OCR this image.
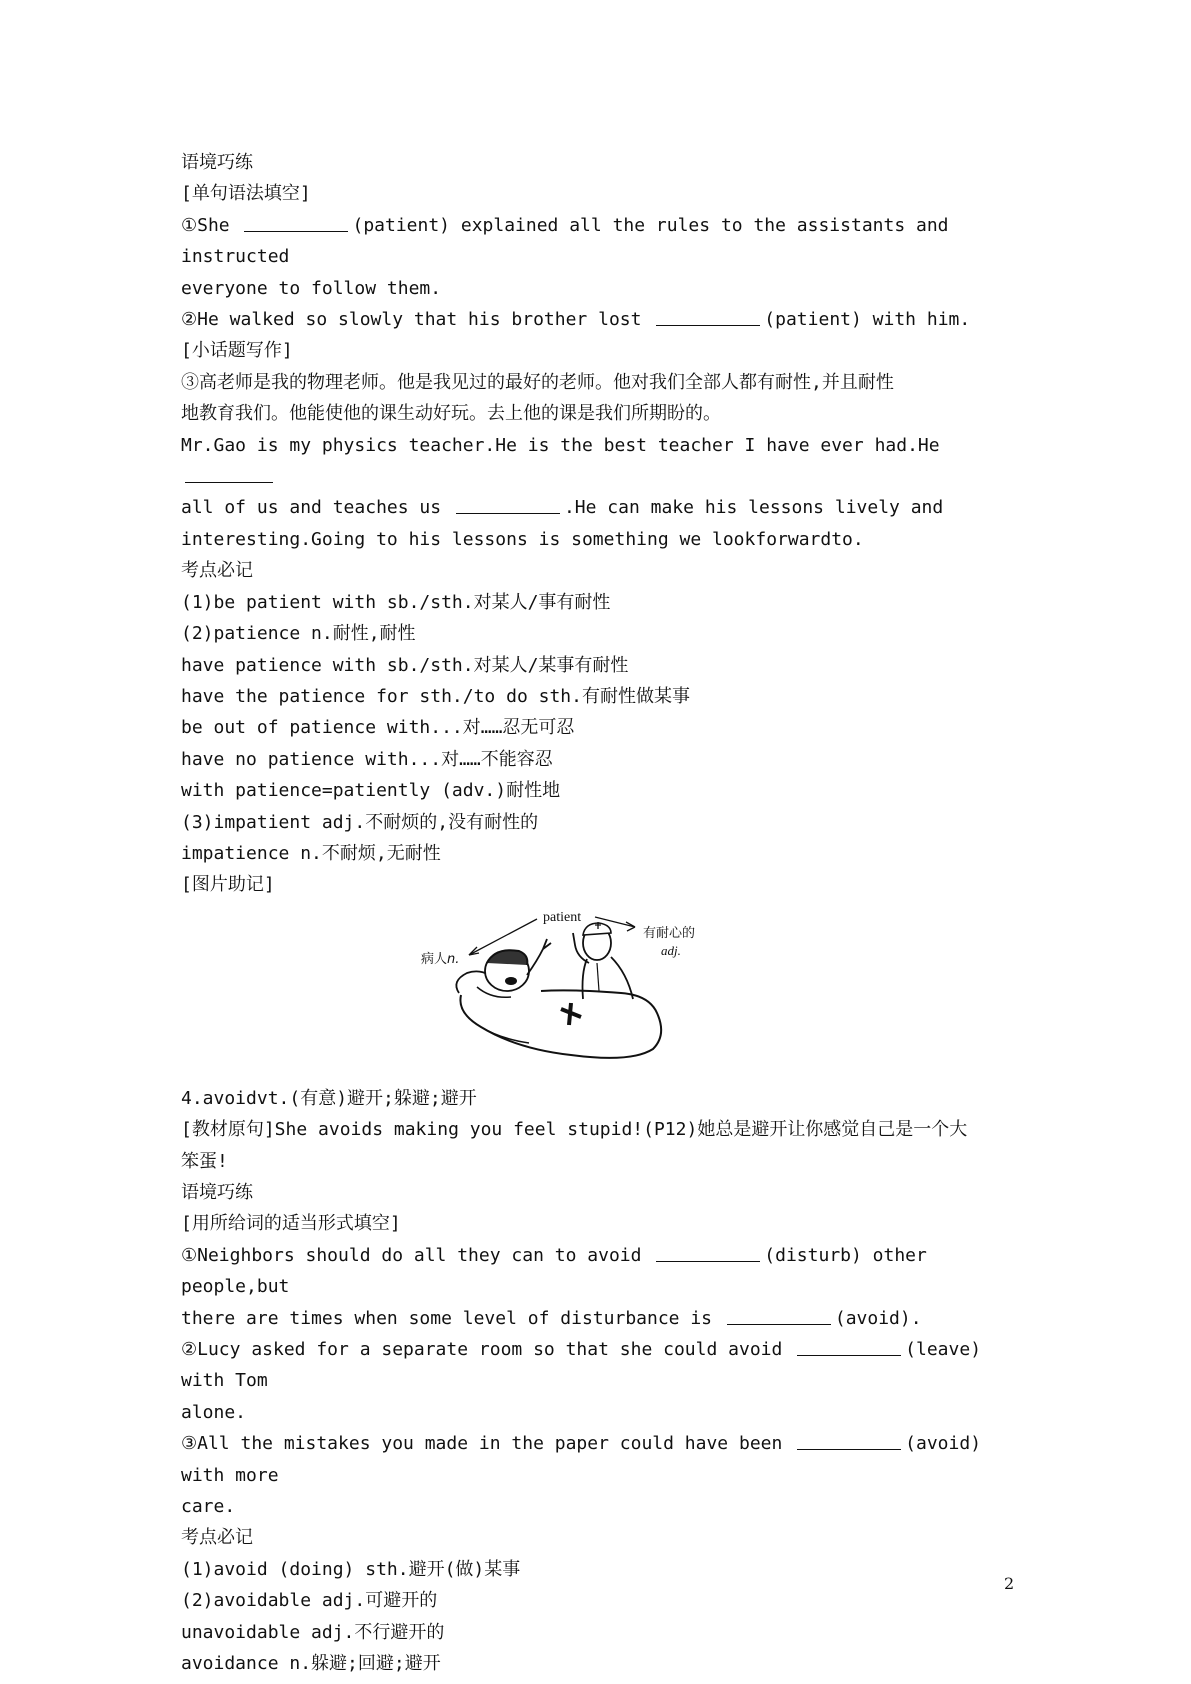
语境巧练
[单句语法填空]
①She	(patient) explained all the rules to the assistants and instructed
everyone to follow them.
②He walked so slowly that his brother lost	(patient) with him.
[小话题写作]
③高老师是我的物理老师。他是我见过的最好的老师。他对我们全部人都有耐性,并且耐性
地教育我们。他能使他的课生动好玩。去上他的课是我们所期盼的。
Mr.Gao is my physics teacher.He is the best teacher I have ever had.He
all of us and teaches us	.He can make his lessons lively and
interesting.Going to his lessons is something we lookforwardto.
考点必记
(1)be patient with sb./sth.对某人/事有耐性
(2)patience n.耐性,耐性
have patience with sb./sth.对某人/某事有耐性
have the patience for sth./to do sth.有耐性做某事
be out of patience with...对……忍无可忍
have no patience with...对……不能容忍
with patience=patiently (adv.)耐性地
(3)impatient adj.不耐烦的,没有耐性的
impatience n.不耐烦,无耐性
[图片助记]
patient
病人n.
有耐心的
adj.
4.avoidvt.(有意)避开;躲避;避开
[教材原句]She avoids making you feel stupid!(P12)她总是避开让你感觉自己是一个大
笨蛋!
语境巧练
[用所给词的适当形式填空]
①Neighbors should do all they can to avoid	(disturb) other people,but
there are times when some level of disturbance is	(avoid).
②Lucy asked for a separate room so that she could avoid	(leave) with Tom
alone.
③All the mistakes you made in the paper could have been	(avoid) with more
care.
考点必记
(1)avoid (doing) sth.避开(做)某事
(2)avoidable adj.可避开的
unavoidable adj.不行避开的
avoidance n.躲避;回避;避开
2
